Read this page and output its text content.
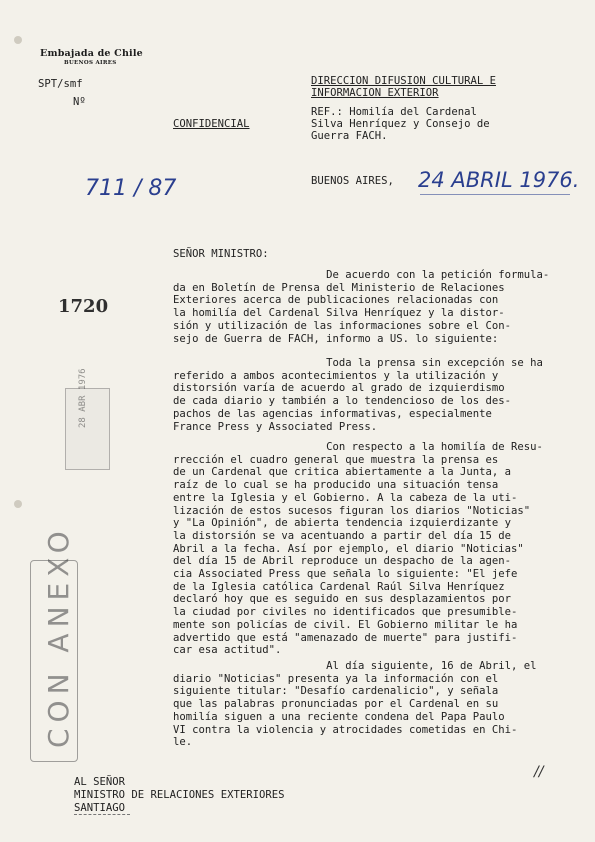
Embajada de Chile
BUENOS AIRES
SPT/smf
Nº
CONFIDENCIAL
DIRECCION DIFUSION CULTURAL E
INFORMACION EXTERIOR
REF.: Homilía del Cardenal
Silva Henríquez y Consejo de
Guerra FACH.
BUENOS AIRES,
711 / 87	24 ABRIL 1976.
1720
SEÑOR MINISTRO:
De acuerdo con la petición formula-
da en Boletín de Prensa del Ministerio de Relaciones
Exteriores acerca de publicaciones relacionadas con
la homilía del Cardenal Silva Henríquez y la distor-
sión y utilización de las informaciones sobre el Con-
sejo de Guerra de FACH, informo a US. lo siguiente:
Toda la prensa sin excepción se ha
referido a ambos acontecimientos y la utilización y
distorsión varía de acuerdo al grado de izquierdismo
de cada diario y también a lo tendencioso de los des-
pachos de las agencias informativas, especialmente
France Press y Associated Press.
Con respecto a la homilía de Resu-
rrección el cuadro general que muestra la prensa es
de un Cardenal que critica abiertamente a la Junta, a
raíz de lo cual se ha producido una situación tensa
entre la Iglesia y el Gobierno. A la cabeza de la uti-
lización de estos sucesos figuran los diarios "Noticias"
y "La Opinión", de abierta tendencia izquierdizante y
la distorsión se va acentuando a partir del día 15 de
Abril a la fecha. Así por ejemplo, el diario "Noticias"
del día 15 de Abril reproduce un despacho de la agen-
cia Associated Press que señala lo siguiente: "El jefe
de la Iglesia católica Cardenal Raúl Silva Henríquez
declaró hoy que es seguido en sus desplazamientos por
la ciudad por civiles no identificados que presumible-
mente son policías de civil. El Gobierno militar le ha
advertido que está "amenazado de muerte" para justifi-
car esa actitud".
Al día siguiente, 16 de Abril, el
diario "Noticias" presenta ya la información con el
siguiente titular: "Desafío cardenalicio", y señala
que las palabras pronunciadas por el Cardenal en su
homilía siguen a una reciente condena del Papa Paulo
VI contra la violencia y atrocidades cometidas en Chi-
le.
28 ABR 1976
CON ANEXO
//
AL SEÑOR
MINISTRO DE RELACIONES EXTERIORES
SANTIAGO
